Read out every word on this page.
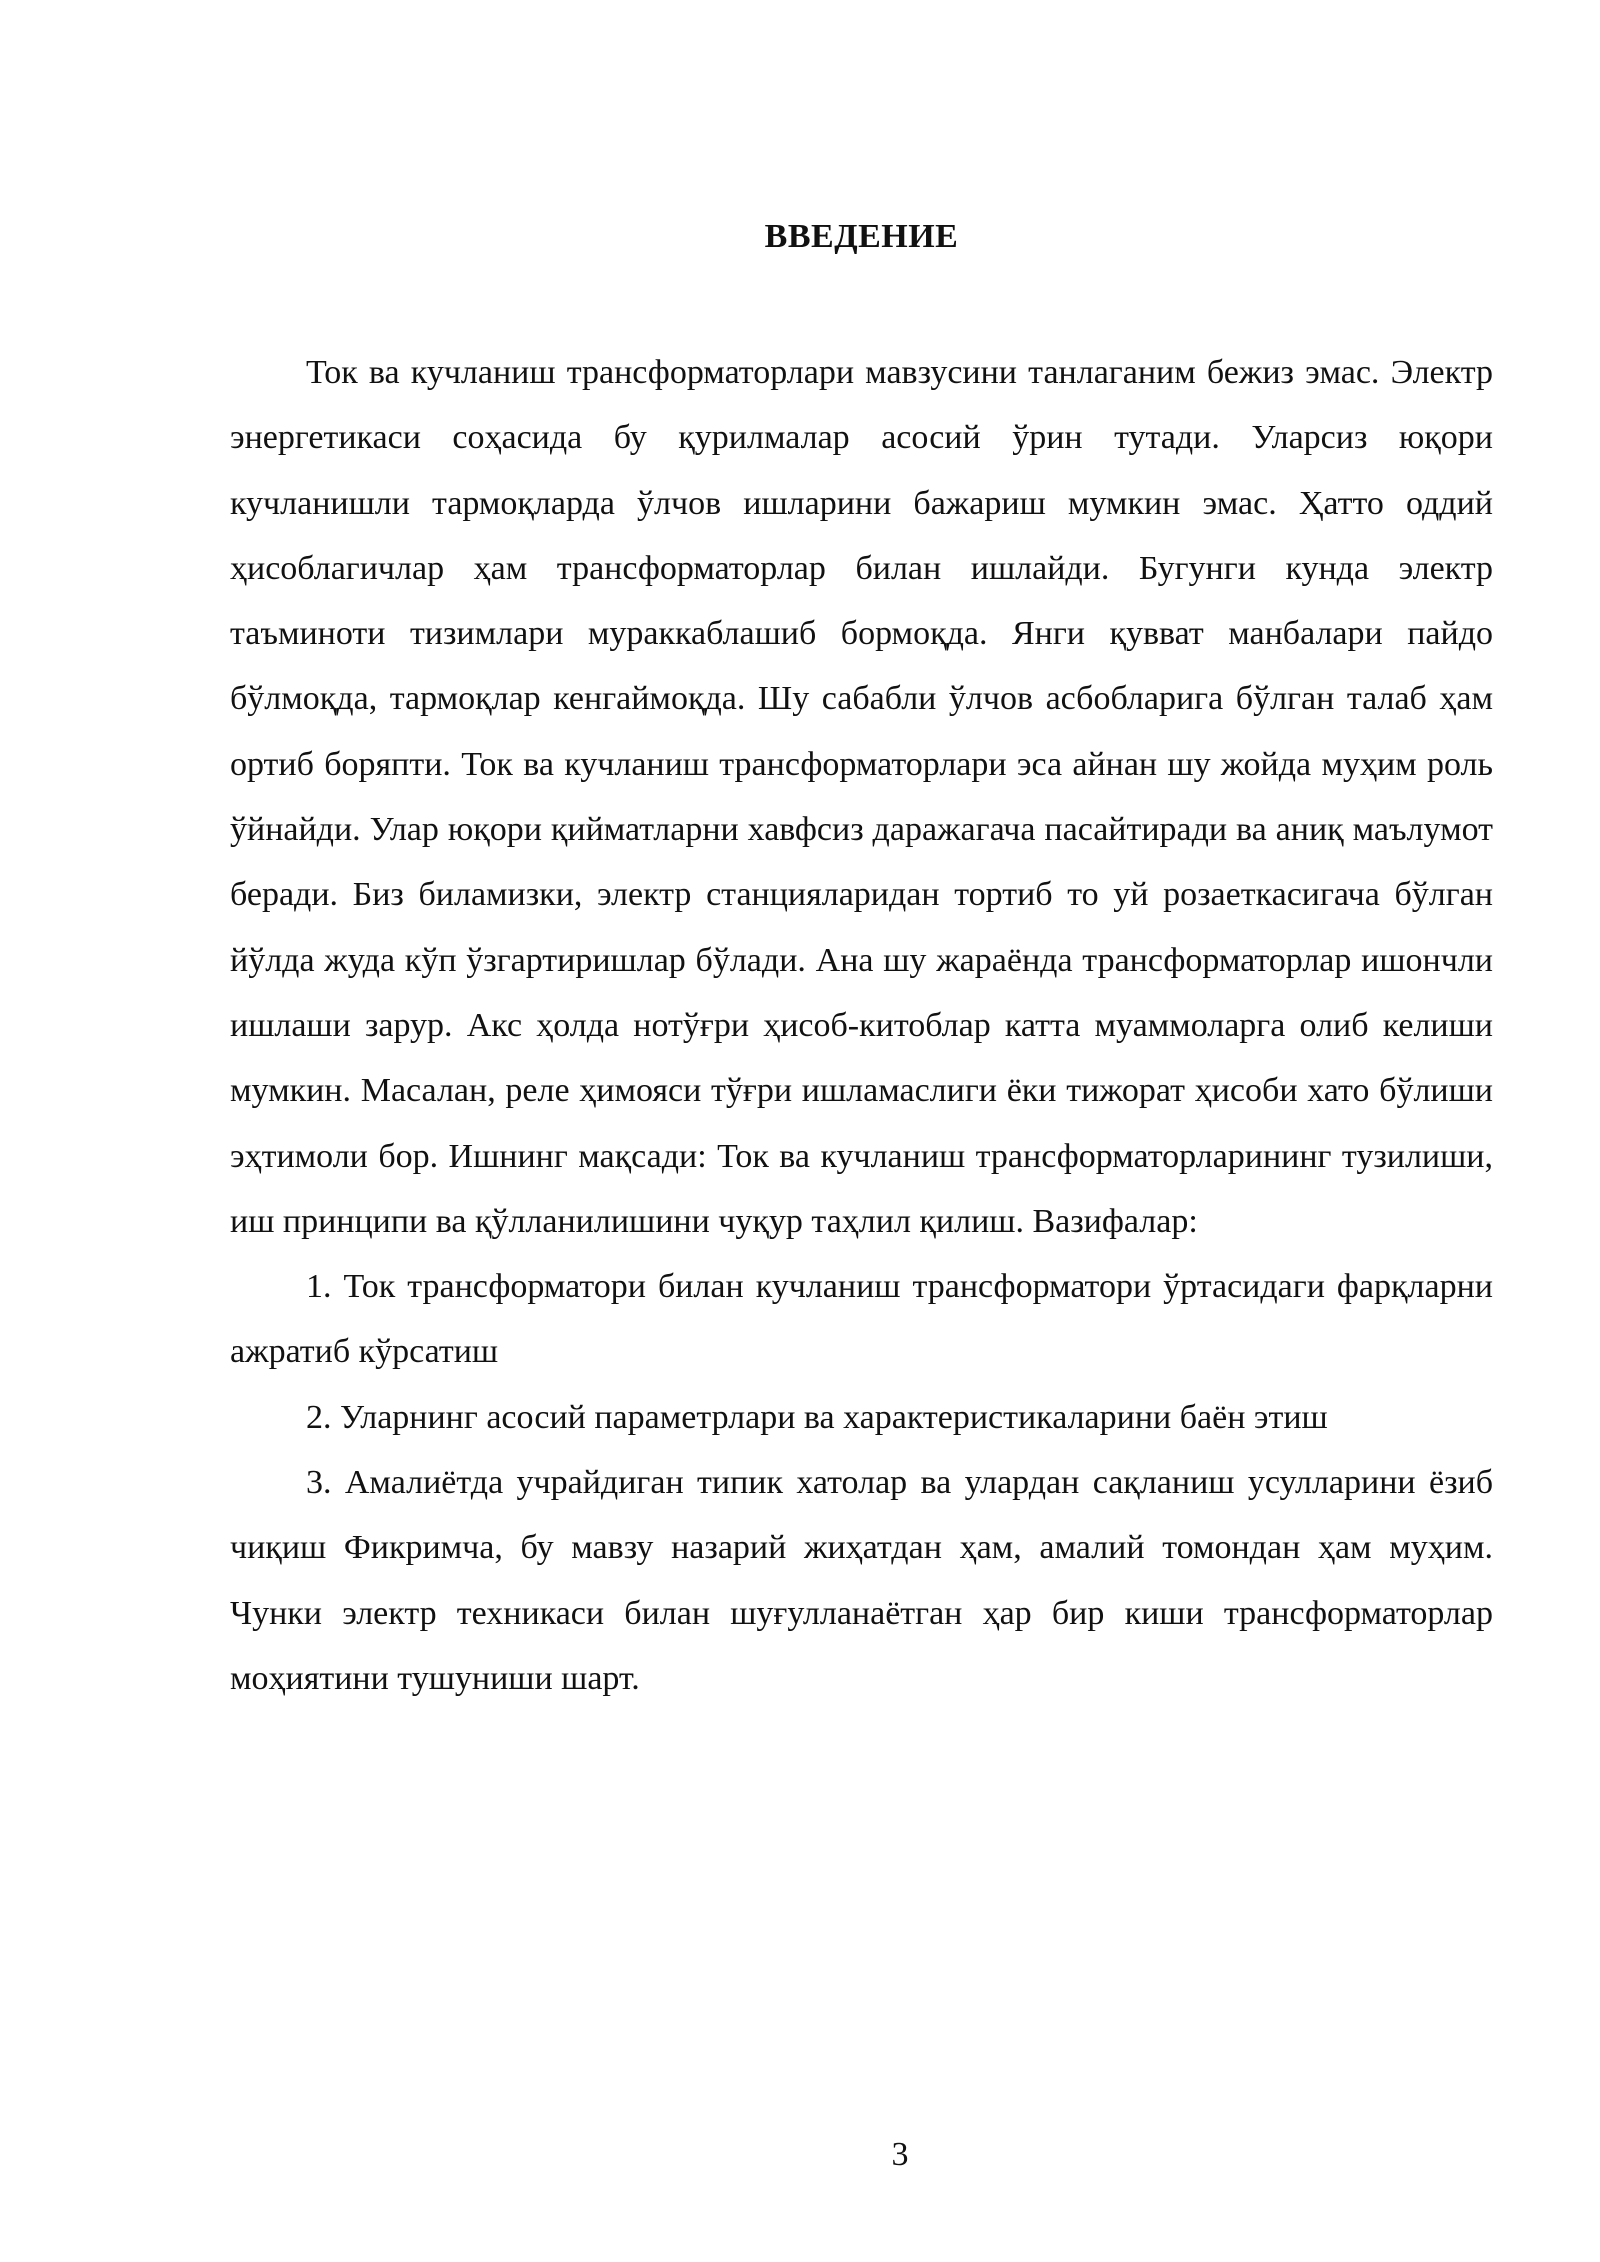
ВВЕДЕНИЕ

Ток ва кучланиш трансформаторлари мавзусини танлаганим бежиз эмас. Электр энергетикаси соҳасида бу қурилмалар асосий ўрин тутади. Уларсиз юқори кучланишли тармоқларда ўлчов ишларини бажариш мумкин эмас. Ҳатто оддий ҳисоблагичлар ҳам трансформаторлар билан ишлайди. Бугунги кунда электр таъминоти тизимлари мураккаблашиб бормоқда. Янги қувват манбалари пайдо бўлмоқда, тармоқлар кенгаймоқда. Шу сабабли ўлчов асбобларига бўлган талаб ҳам ортиб боряпти. Ток ва кучланиш трансформаторлари эса айнан шу жойда муҳим роль ўйнайди. Улар юқори қийматларни хавфсиз даражагача пасайтиради ва аниқ маълумот беради. Биз биламизки, электр станцияларидан тортиб то уй розаеткасигача бўлган йўлда жуда кўп ўзгартиришлар бўлади. Ана шу жараёнда трансформаторлар ишончли ишлаши зарур. Акс ҳолда нотўғри ҳисоб-китоблар катта муаммоларга олиб келиши мумкин. Масалан, реле ҳимояси тўғри ишламаслиги ёки тижорат ҳисоби хато бўлиши эҳтимоли бор. Ишнинг мақсади: Ток ва кучланиш трансформаторларининг тузилиши, иш принципи ва қўлланилишини чуқур таҳлил қилиш. Вазифалар:

1. Ток трансформатори билан кучланиш трансформатори ўртасидаги фарқларни ажратиб кўрсатиш

2. Уларнинг асосий параметрлари ва характеристикаларини баён этиш

3. Амалиётда учрайдиган типик хатолар ва улардан сақланиш усулларини ёзиб чиқиш Фикримча, бу мавзу назарий жиҳатдан ҳам, амалий томондан ҳам муҳим. Чунки электр техникаси билан шуғулланаётган ҳар бир киши трансформаторлар моҳиятини тушуниши шарт.

3
